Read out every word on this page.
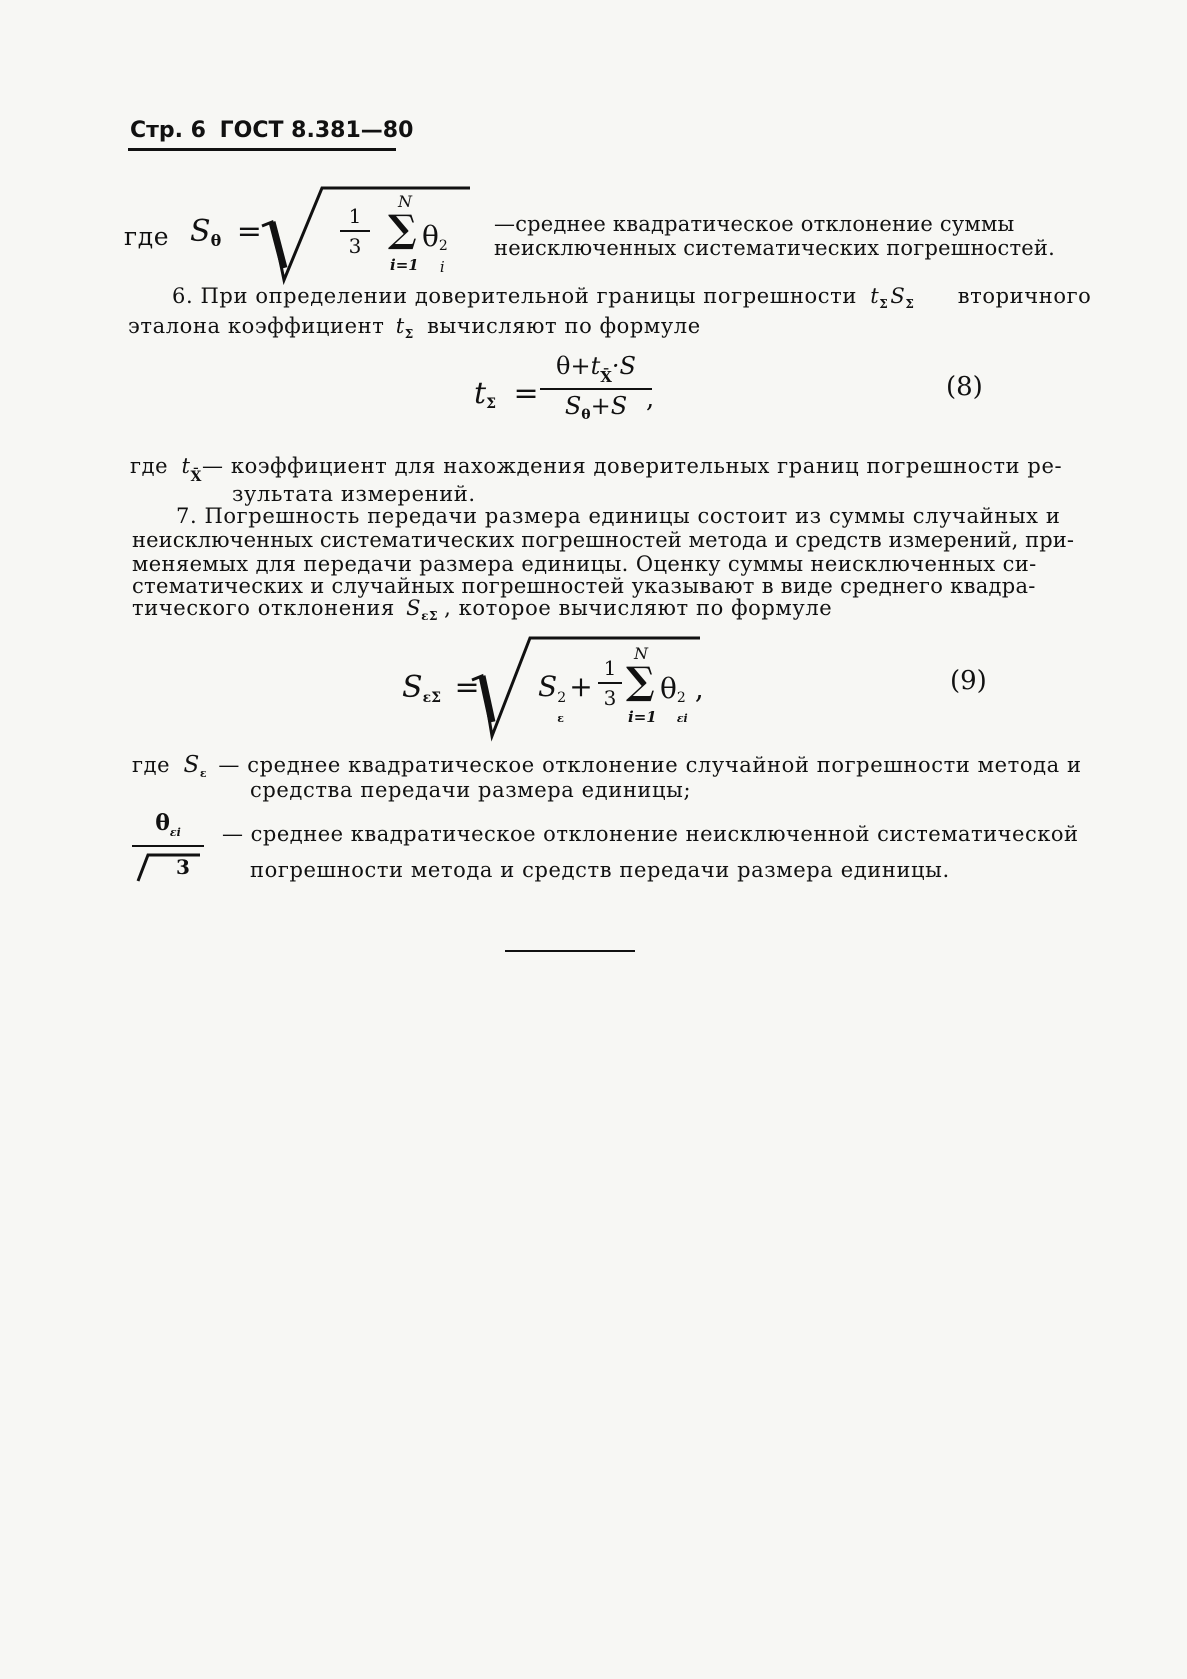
Стр. 6 ГОСТ 8.381—80
где $S_\theta$ =	1
3
N
∑
i=1
θ 2
i
—среднее квадратическое отклонение суммы
неисключенных систематических погрешностей.
6. При определении доверительной границы погрешности $t_\Sigma S_\Sigma$ вторичного
эталона коэффициент $t_\Sigma$ вычисляют по формуле
$t_\Sigma$ =
$\theta+t_{X̄}\cdot S$
$S_\theta+S$ ,	(8)
где $t_{X̄}—$ коэффициент для нахождения доверительных границ погрешности ре-
зультата измерений.
7. Погрешность передачи размера единицы состоит из суммы случайных и
неисключенных систематических погрешностей метода и средств измерений, при-
меняемых для передачи размера единицы. Оценку суммы неисключенных си-
стематических и случайных погрешностей указывают в виде среднего квадра-
тического отклонения $S_{\varepsilon\Sigma}$ , которое вычисляют по формуле
$S_{\varepsilon\Sigma} = S$ 2
ε
+
1
3
N
∑
i=1
θ 2
εi
,	(9)
где $S_\varepsilon$ — среднее квадратическое отклонение случайной погрешности метода и
средства передачи размера единицы;
$\theta_{\varepsilon i}$
3
— среднее квадратическое отклонение неисключенной систематической
погрешности метода и средств передачи размера единицы.
